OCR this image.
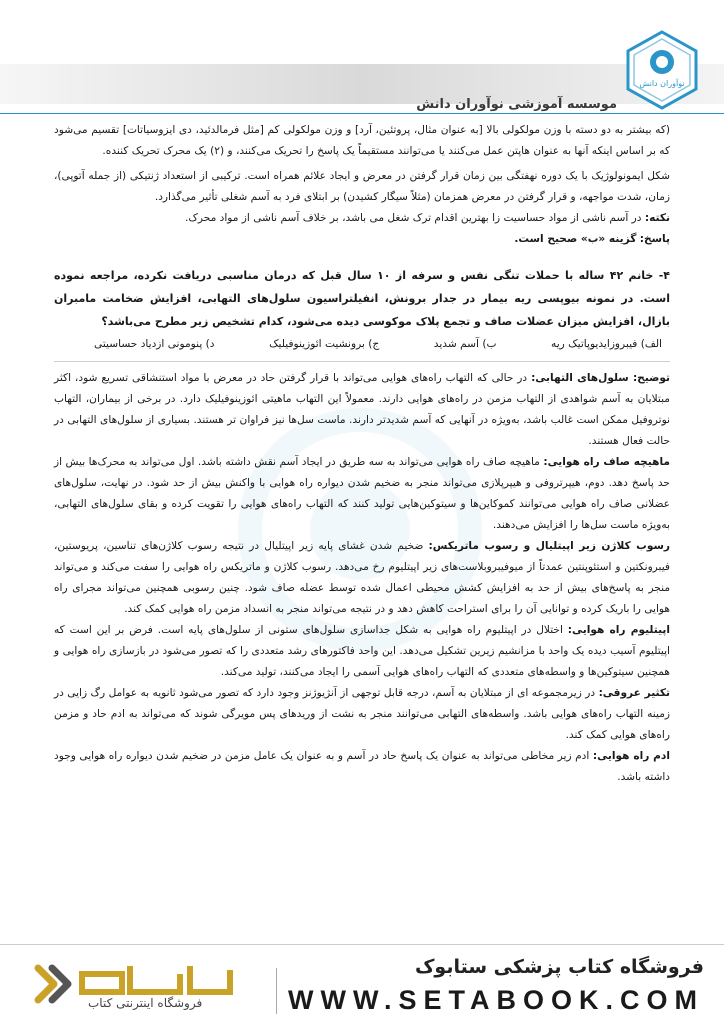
موسسه آموزشی نوآوران دانش
نوآوران دانش

(که بیشتر به دو دسته با وزن مولکولی بالا [به عنوان مثال، پروتئین، آرد] و وزن مولکولی کم [مثل فرمالدئید، دی ایزوسیاتات] تقسیم می‌شود که بر اساس اینکه آنها به عنوان هاپتن عمل می‌کنند یا می‌توانند مستقیماً یک پاسخ را تحریک می‌کنند، و (۲) یک محرک تحریک کننده.

شکل ایمونولوژیک با یک دوره نهفتگی بین زمان قرار گرفتن در معرض و ایجاد علائم همراه است. ترکیبی از استعداد ژنتیکی (از جمله آتوپی)، زمان، شدت مواجهه، و قرار گرفتن در معرض همزمان (مثلاً سیگار کشیدن) بر ابتلای فرد به آسم شغلی تأثیر می‌گذارد.

نکته: در آسم ناشی از مواد حساسیت زا بهترین اقدام ترک شغل می باشد، بر خلاف آسم ناشی از مواد محرک.

پاسخ: گزینه «ب» صحیح است.

۴- خانم ۴۲ ساله با حملات تنگی نفس و سرفه از ۱۰ سال قبل که درمان مناسبی دریافت نکرده، مراجعه نموده است. در نمونه بیوپسی ریه بیمار در جدار برونش، انفیلتراسیون سلول‌های التهابی، افزایش ضخامت مامبران بازال، افزایش میزان عضلات صاف و تجمع پلاک موکوسی دیده می‌شود، کدام تشخیص زیر مطرح می‌باشد؟

الف) فیبروزایدیوپاتیک ریه
ب) آسم شدید
ج) برونشیت ائوزینوفیلیک
د) پنومونی ازدیاد حساسیتی

توضیح: سلول‌های التهابی: در حالی که التهاب راه‌های هوایی می‌تواند با قرار گرفتن حاد در معرض با مواد استنشاقی تسریع شود، اکثر مبتلایان به آسم شواهدی از التهاب مزمن در راه‌های هوایی دارند. معمولاً این التهاب ماهیتی ائوزینوفیلیک دارد. در برخی از بیماران، التهاب نوتروفیل ممکن است غالب باشد، به‌ویژه در آنهایی که آسم شدیدتر دارند. ماست سل‌ها نیز فراوان تر هستند. بسیاری از سلول‌های التهابی در حالت فعال هستند.

ماهیچه صاف راه هوایی: ماهیچه صاف راه هوایی می‌تواند به سه طریق در ایجاد آسم نقش داشته باشد. اول می‌تواند به محرک‌ها بیش از حد پاسخ دهد. دوم، هیپرتروفی و هیپرپلازی می‌تواند منجر به ضخیم شدن دیواره راه هوایی با واکنش بیش از حد شود. در نهایت، سلول‌های عضلانی صاف راه هوایی می‌توانند کموکاین‌ها و سیتوکین‌هایی تولید کنند که التهاب راه‌های هوایی را تقویت کرده و بقای سلول‌های التهابی، به‌ویژه ماست سل‌ها را افزایش می‌دهند.

رسوب کلاژن زیر اپیتلیال و رسوب ماتریکس: ضخیم شدن غشای پایه زیر اپیتلیال در نتیجه رسوب کلاژن‌های تناسین، پریوستین، فیبرونکتین و استئوپنتین عمدتاً از میوفیبروبلاست‌های زیر اپیتلیوم رخ می‌دهد. رسوب کلاژن و ماتریکس راه هوایی را سفت می‌کند و می‌تواند منجر به پاسخ‌های بیش از حد به افزایش کشش محیطی اعمال شده توسط عضله صاف شود. چنین رسوبی همچنین می‌تواند مجرای راه هوایی را باریک کرده و توانایی آن را برای استراحت کاهش دهد و در نتیجه می‌تواند منجر به انسداد مزمن راه هوایی کمک کند.

اپیتلیوم راه هوایی: اختلال در اپیتلیوم راه هوایی به شکل جداسازی سلول‌های ستونی از سلول‌های پایه است. فرض بر این است که اپیتلیوم آسیب دیده یک واحد با مزانشیم زیرین تشکیل می‌دهد. این واحد فاکتورهای رشد متعددی را که تصور می‌شود در بازسازی راه هوایی و همچنین سیتوکین‌ها و واسطه‌های متعددی که التهاب راه‌های هوایی آسمی را ایجاد می‌کنند، تولید می‌کند.

تکثیر عروقی: در زیرمجموعه ای از مبتلایان به آسم، درجه قابل توجهی از آنژیوژنز وجود دارد که تصور می‌شود ثانویه به عوامل رگ زایی در زمینه التهاب راه‌های هوایی باشد. واسطه‌های التهابی می‌توانند منجر به نشت از وریدهای پس مویرگی شوند که می‌تواند به ادم حاد و مزمن راه‌های هوایی کمک کند.

ادم راه هوایی: ادم زیر مخاطی می‌تواند به عنوان یک پاسخ حاد در آسم و به عنوان یک عامل مزمن در ضخیم شدن دیواره راه هوایی وجود داشته باشد.

فروشگاه کتاب پزشکی ستابوک
WWW.SETABOOK.COM
فروشگاه اینترنتی کتاب
